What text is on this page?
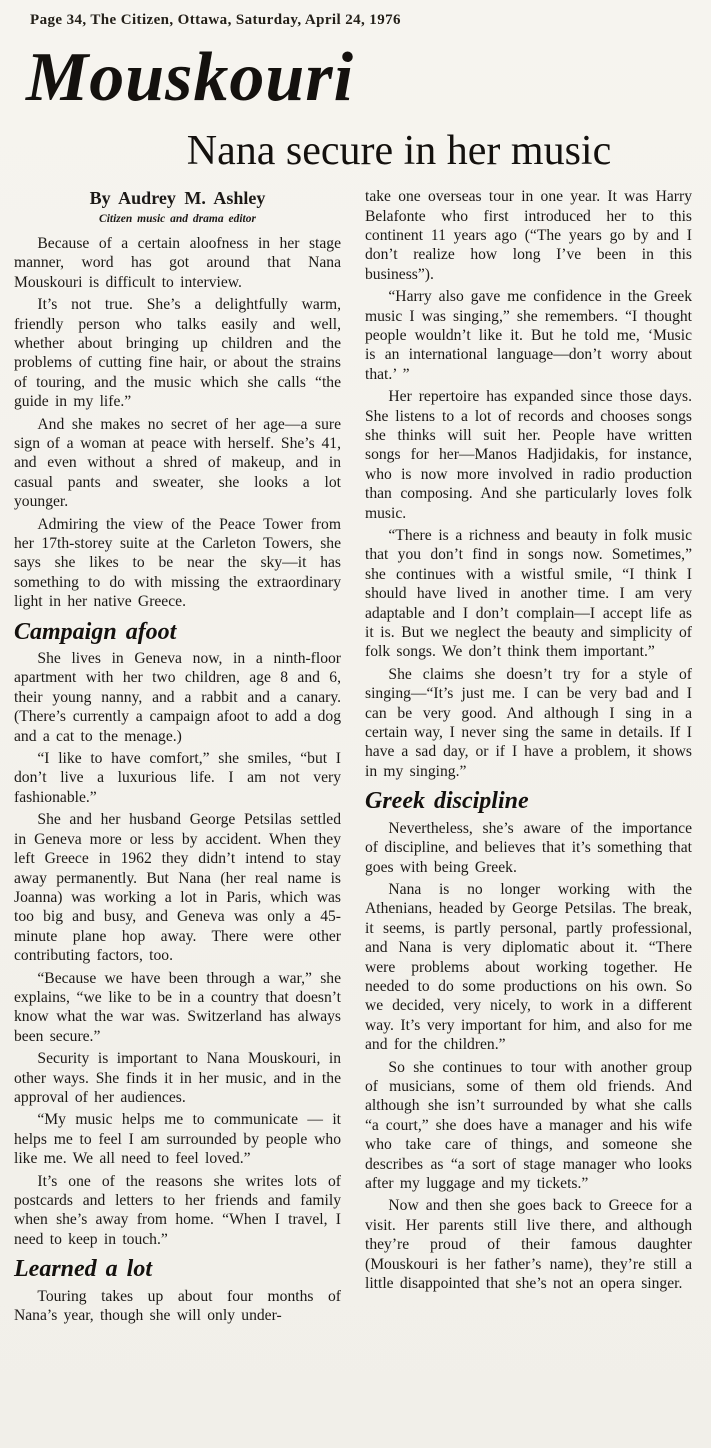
Page 34, The Citizen, Ottawa, Saturday, April 24, 1976
Mouskouri
Nana secure in her music
By Audrey M. Ashley
Citizen music and drama editor

Because of a certain aloofness in her stage manner, word has got around that Nana Mouskouri is difficult to interview.

It’s not true. She’s a delightfully warm, friendly person who talks easily and well, whether about bringing up children and the problems of cutting fine hair, or about the strains of touring, and the music which she calls “the guide in my life.”

And she makes no secret of her age—a sure sign of a woman at peace with herself. She’s 41, and even without a shred of makeup, and in casual pants and sweater, she looks a lot younger.

Admiring the view of the Peace Tower from her 17th-storey suite at the Carleton Towers, she says she likes to be near the sky—it has something to do with missing the extraordinary light in her native Greece.

Campaign afoot

She lives in Geneva now, in a ninth-floor apartment with her two children, age 8 and 6, their young nanny, and a rabbit and a canary. (There’s currently a campaign afoot to add a dog and a cat to the menage.)

“I like to have comfort,” she smiles, “but I don’t live a luxurious life. I am not very fashionable.”

She and her husband George Petsilas settled in Geneva more or less by accident. When they left Greece in 1962 they didn’t intend to stay away permanently. But Nana (her real name is Joanna) was working a lot in Paris, which was too big and busy, and Geneva was only a 45-minute plane hop away. There were other contributing factors, too.

“Because we have been through a war,” she explains, “we like to be in a country that doesn’t know what the war was. Switzerland has always been secure.”

Security is important to Nana Mouskouri, in other ways. She finds it in her music, and in the approval of her audiences.

“My music helps me to communicate — it helps me to feel I am surrounded by people who like me. We all need to feel loved.”

It’s one of the reasons she writes lots of postcards and letters to her friends and family when she’s away from home. “When I travel, I need to keep in touch.”

Learned a lot

Touring takes up about four months of Nana’s year, though she will only under-

take one overseas tour in one year. It was Harry Belafonte who first introduced her to this continent 11 years ago (“The years go by and I don’t realize how long I’ve been in this business”).

“Harry also gave me confidence in the Greek music I was singing,” she remembers. “I thought people wouldn’t like it. But he told me, ‘Music is an international language—don’t worry about that.’ ”

Her repertoire has expanded since those days. She listens to a lot of records and chooses songs she thinks will suit her. People have written songs for her—Manos Hadjidakis, for instance, who is now more involved in radio production than composing. And she particularly loves folk music.

“There is a richness and beauty in folk music that you don’t find in songs now. Sometimes,” she continues with a wistful smile, “I think I should have lived in another time. I am very adaptable and I don’t complain—I accept life as it is. But we neglect the beauty and simplicity of folk songs. We don’t think them important.”

She claims she doesn’t try for a style of singing—“It’s just me. I can be very bad and I can be very good. And although I sing in a certain way, I never sing the same in details. If I have a sad day, or if I have a problem, it shows in my singing.”

Greek discipline

Nevertheless, she’s aware of the importance of discipline, and believes that it’s something that goes with being Greek.

Nana is no longer working with the Athenians, headed by George Petsilas. The break, it seems, is partly personal, partly professional, and Nana is very diplomatic about it. “There were problems about working together. He needed to do some productions on his own. So we decided, very nicely, to work in a different way. It’s very important for him, and also for me and for the children.”

So she continues to tour with another group of musicians, some of them old friends. And although she isn’t surrounded by what she calls “a court,” she does have a manager and his wife who take care of things, and someone she describes as “a sort of stage manager who looks after my luggage and my tickets.”

Now and then she goes back to Greece for a visit. Her parents still live there, and although they’re proud of their famous daughter (Mouskouri is her father’s name), they’re still a little disappointed that she’s not an opera singer.
